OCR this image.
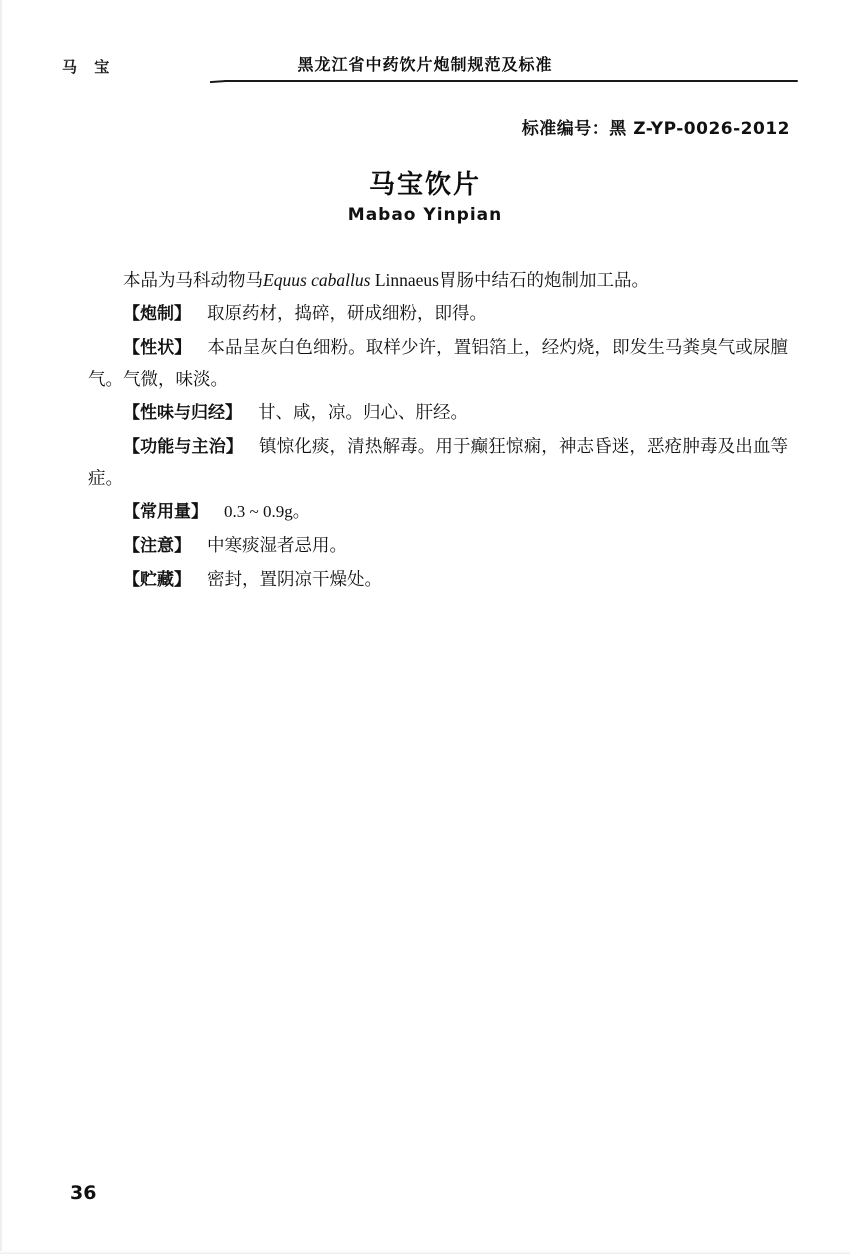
马 宝	黑龙江省中药饮片炮制规范及标准
标准编号：黑 Z-YP-0026-2012
马宝饮片
Mabao Yinpian

本品为马科动物马Equus caballus Linnaeus胃肠中结石的炮制加工品。

【炮制】 取原药材，捣碎，研成细粉，即得。

【性状】 本品呈灰白色细粉。取样少许，置铝箔上，经灼烧，即发生马粪臭气或尿膻气。气微，味淡。

【性味与归经】 甘、咸，凉。归心、肝经。

【功能与主治】 镇惊化痰，清热解毒。用于癫狂惊痫，神志昏迷，恶疮肿毒及出血等症。

【常用量】 0.3 ~ 0.9g。

【注意】 中寒痰湿者忌用。

【贮藏】 密封，置阴凉干燥处。

36
